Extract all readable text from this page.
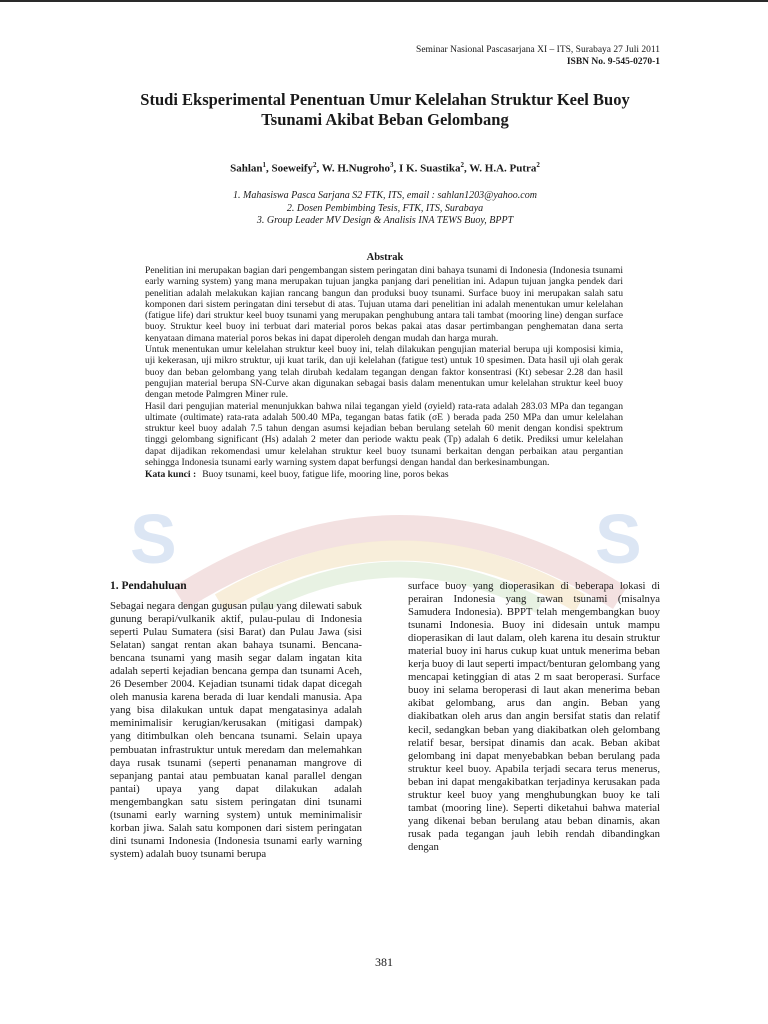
Seminar Nasional Pascasarjana XI – ITS, Surabaya 27 Juli 2011
ISBN No. 9-545-0270-1
Studi Eksperimental Penentuan Umur Kelelahan Struktur Keel Buoy
Tsunami Akibat Beban Gelombang
Sahlan$^1$, Soeweify$^2$, W. H.Nugroho$^3$, I K. Suastika$^2$, W. H.A. Putra$^2$
1. Mahasiswa Pasca Sarjana S2 FTK, ITS, email : sahlan1203@yahoo.com
2. Dosen Pembimbing Tesis, FTK, ITS, Surabaya
3. Group Leader MV Design & Analisis INA TEWS Buoy, BPPT
Abstrak
S	S

Penelitian ini merupakan bagian dari pengembangan sistem peringatan dini bahaya tsunami di Indonesia (Indonesia tsunami early warning system) yang mana merupakan tujuan jangka panjang dari penelitian ini. Adapun tujuan jangka pendek dari penelitian adalah melakukan kajian rancang bangun dan produksi buoy tsunami. Surface buoy ini merupakan salah satu komponen dari sistem peringatan dini tersebut di atas. Tujuan utama dari penelitian ini adalah menentukan umur kelelahan (fatigue life) dari struktur keel buoy tsunami yang merupakan penghubung antara tali tambat (mooring line) dengan surface buoy. Struktur keel buoy ini terbuat dari material poros bekas pakai atas dasar pertimbangan penghematan dana serta kenyataan dimana material poros bekas ini dapat diperoleh dengan mudah dan harga murah.

Untuk menentukan umur kelelahan struktur keel buoy ini, telah dilakukan pengujian material berupa uji komposisi kimia, uji kekerasan, uji mikro struktur, uji kuat tarik, dan uji kelelahan (fatigue test) untuk 10 spesimen. Data hasil uji olah gerak buoy dan beban gelombang yang telah dirubah kedalam tegangan dengan faktor konsentrasi (Kt) sebesar 2.28 dan hasil pengujian material berupa SN-Curve akan digunakan sebagai basis dalam menentukan umur kelelahan struktur keel buoy dengan metode Palmgren Miner rule.

Hasil dari pengujian material menunjukkan bahwa nilai tegangan yield (σyield) rata-rata adalah 283.03 MPa dan tegangan ultimate (σultimate) rata-rata adalah 500.40 MPa, tegangan batas fatik (σE ) berada pada 250 MPa dan umur kelelahan struktur keel buoy adalah 7.5 tahun dengan asumsi kejadian beban berulang setelah 60 menit dengan kondisi spektrum tinggi gelombang significant (Hs) adalah 2 meter dan periode waktu peak (Tp) adalah 6 detik. Prediksi umur kelelahan dapat dijadikan rekomendasi umur kelelahan struktur keel buoy tsunami berkaitan dengan perbaikan atau pergantian sehingga Indonesia tsunami early warning system dapat berfungsi dengan handal dan berkesinambungan.

Kata kunci : Buoy tsunami, keel buoy, fatigue life, mooring line, poros bekas

1. Pendahuluan

Sebagai negara dengan gugusan pulau yang dilewati sabuk gunung berapi/vulkanik aktif, pulau-pulau di Indonesia seperti Pulau Sumatera (sisi Barat) dan Pulau Jawa (sisi Selatan) sangat rentan akan bahaya tsunami. Bencana-bencana tsunami yang masih segar dalam ingatan kita adalah seperti kejadian bencana gempa dan tsunami Aceh, 26 Desember 2004. Kejadian tsunami tidak dapat dicegah oleh manusia karena berada di luar kendali manusia. Apa yang bisa dilakukan untuk dapat mengatasinya adalah meminimalisir kerugian/kerusakan (mitigasi dampak) yang ditimbulkan oleh bencana tsunami. Selain upaya pembuatan infrastruktur untuk meredam dan melemahkan daya rusak tsunami (seperti penanaman mangrove di sepanjang pantai atau pembuatan kanal parallel dengan pantai) upaya yang dapat dilakukan adalah mengembangkan satu sistem peringatan dini tsunami (tsunami early warning system) untuk meminimalisir korban jiwa. Salah satu komponen dari sistem peringatan dini tsunami Indonesia (Indonesia tsunami early warning system) adalah buoy tsunami berupa

surface buoy yang dioperasikan di beberapa lokasi di perairan Indonesia yang rawan tsunami (misalnya Samudera Indonesia). BPPT telah mengembangkan buoy tsunami Indonesia. Buoy ini didesain untuk mampu dioperasikan di laut dalam, oleh karena itu desain struktur material buoy ini harus cukup kuat untuk menerima beban kerja buoy di laut seperti impact/benturan gelombang yang mencapai ketinggian di atas 2 m saat beroperasi. Surface buoy ini selama beroperasi di laut akan menerima beban akibat gelombang, arus dan angin. Beban yang diakibatkan oleh arus dan angin bersifat statis dan relatif kecil, sedangkan beban yang diakibatkan oleh gelombang relatif besar, bersipat dinamis dan acak. Beban akibat gelombang ini dapat menyebabkan beban berulang pada struktur keel buoy. Apabila terjadi secara terus menerus, beban ini dapat mengakibatkan terjadinya kerusakan pada struktur keel buoy yang menghubungkan buoy ke tali tambat (mooring line). Seperti diketahui bahwa material yang dikenai beban berulang atau beban dinamis, akan rusak pada tegangan jauh lebih rendah dibandingkan dengan

381
